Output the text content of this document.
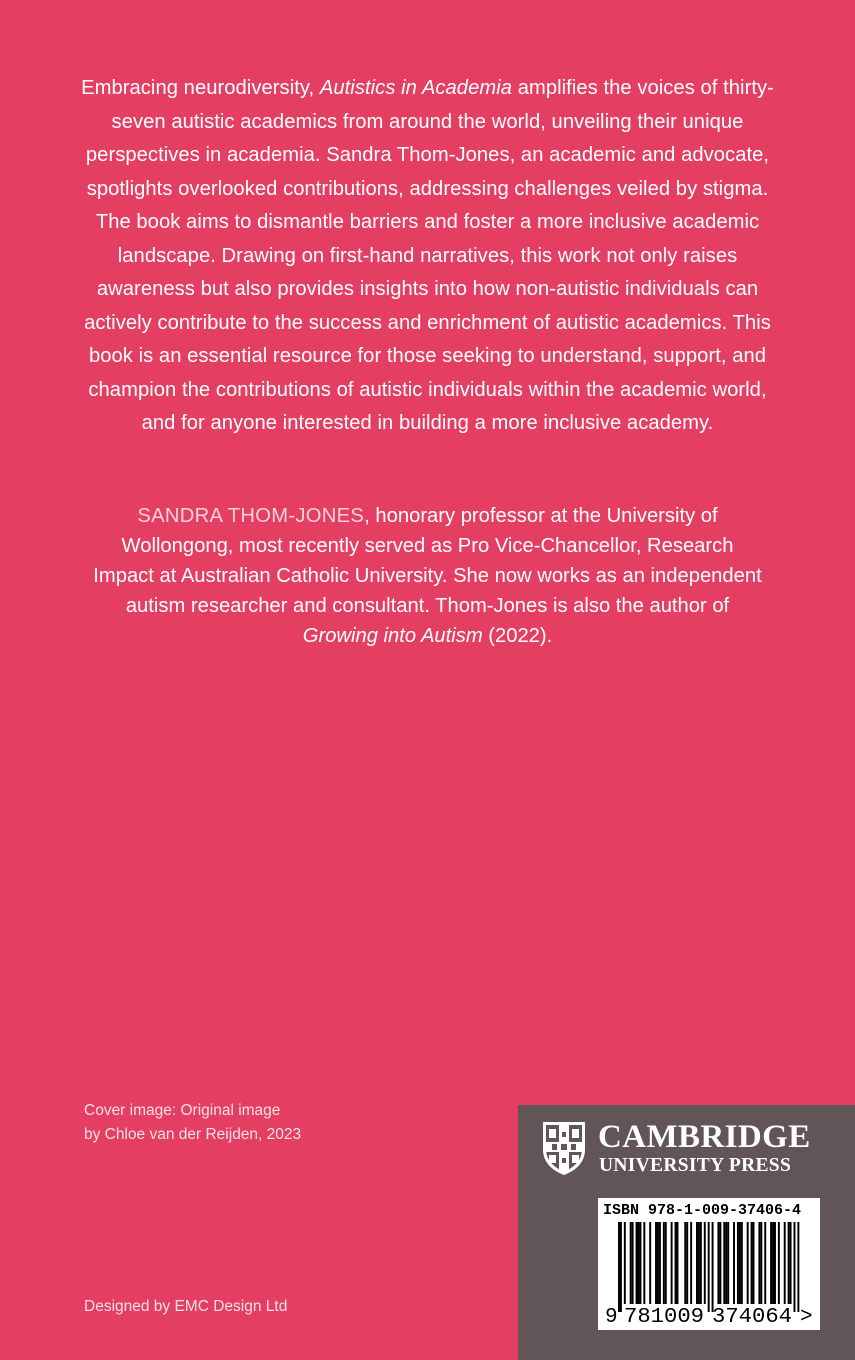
Embracing neurodiversity, Autistics in Academia amplifies the voices of thirty-seven autistic academics from around the world, unveiling their unique perspectives in academia. Sandra Thom-Jones, an academic and advocate, spotlights overlooked contributions, addressing challenges veiled by stigma. The book aims to dismantle barriers and foster a more inclusive academic landscape. Drawing on first-hand narratives, this work not only raises awareness but also provides insights into how non-autistic individuals can actively contribute to the success and enrichment of autistic academics. This book is an essential resource for those seeking to understand, support, and champion the contributions of autistic individuals within the academic world, and for anyone interested in building a more inclusive academy.
SANDRA THOM-JONES, honorary professor at the University of Wollongong, most recently served as Pro Vice-Chancellor, Research Impact at Australian Catholic University. She now works as an independent autism researcher and consultant. Thom-Jones is also the author of Growing into Autism (2022).
Cover image: Original image
by Chloe van der Reijden, 2023
Designed by EMC Design Ltd
CAMBRIDGE
UNIVERSITY PRESS
ISBN 978-1-009-37406-4
9 781009 374064 >
